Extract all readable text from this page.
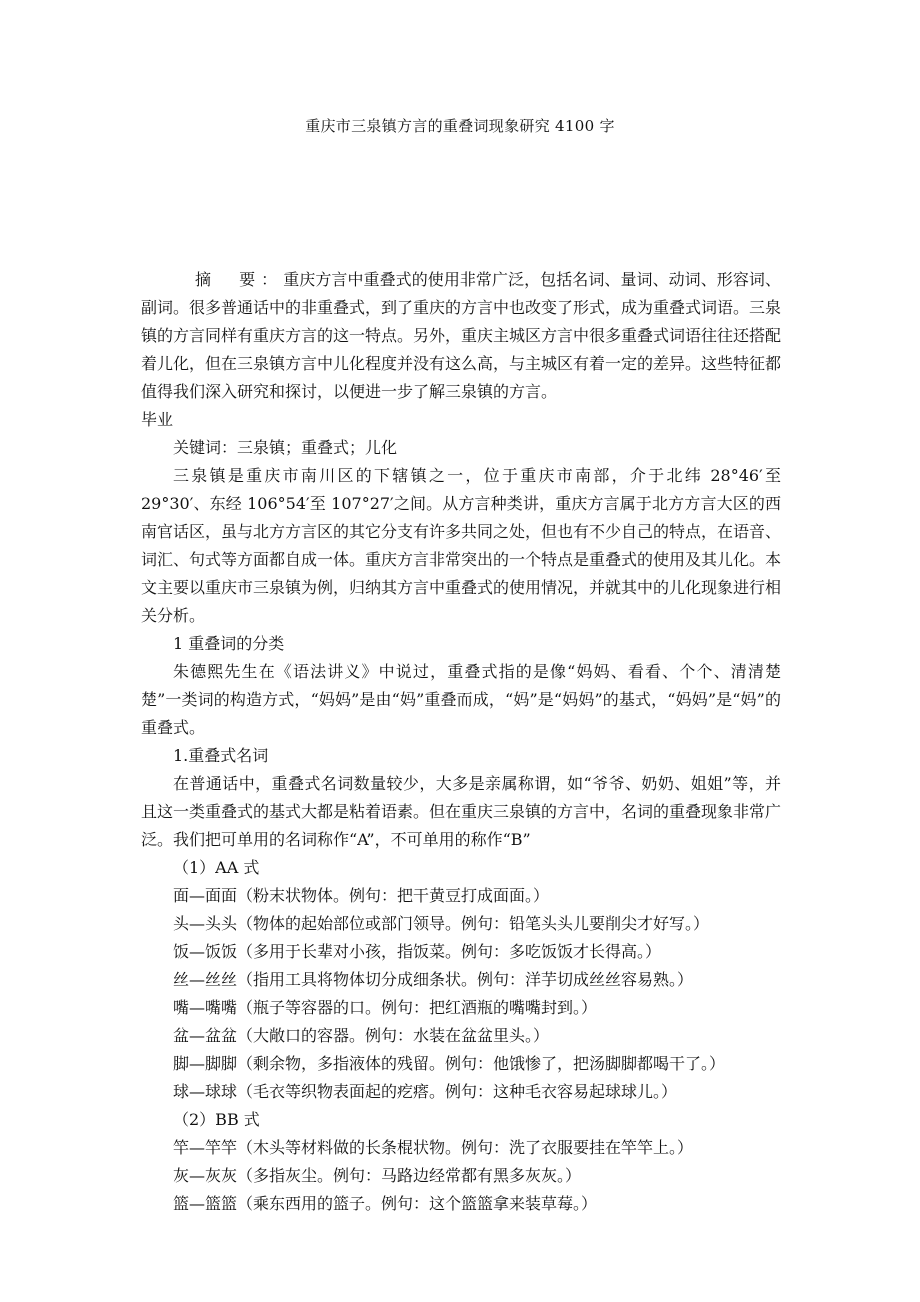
重庆市三泉镇方言的重叠词现象研究 4100 字

摘　要：重庆方言中重叠式的使用非常广泛，包括名词、量词、动词、形容词、副词。很多普通话中的非重叠式，到了重庆的方言中也改变了形式，成为重叠式词语。三泉镇的方言同样有重庆方言的这一特点。另外，重庆主城区方言中很多重叠式词语往往还搭配着儿化，但在三泉镇方言中儿化程度并没有这么高，与主城区有着一定的差异。这些特征都值得我们深入研究和探讨，以便进一步了解三泉镇的方言。

毕业

关键词：三泉镇；重叠式；儿化

三泉镇是重庆市南川区的下辖镇之一，位于重庆市南部，介于北纬 28°46′至 29°30′、东经 106°54′至 107°27′之间。从方言种类讲，重庆方言属于北方方言大区的西南官话区，虽与北方方言区的其它分支有许多共同之处，但也有不少自己的特点，在语音、词汇、句式等方面都自成一体。重庆方言非常突出的一个特点是重叠式的使用及其儿化。本文主要以重庆市三泉镇为例，归纳其方言中重叠式的使用情况，并就其中的儿化现象进行相关分析。

1 重叠词的分类

朱德熙先生在《语法讲义》中说过，重叠式指的是像“妈妈、看看、个个、清清楚楚”一类词的构造方式，“妈妈”是由“妈”重叠而成，“妈”是“妈妈”的基式，“妈妈”是“妈”的重叠式。

1.重叠式名词

在普通话中，重叠式名词数量较少，大多是亲属称谓，如“爷爷、奶奶、姐姐”等，并且这一类重叠式的基式大都是粘着语素。但在重庆三泉镇的方言中，名词的重叠现象非常广泛。我们把可单用的名词称作“A”，不可单用的称作“B”

（1）AA 式

面—面面（粉末状物体。例句：把干黄豆打成面面。）

头—头头（物体的起始部位或部门领导。例句：铅笔头头儿要削尖才好写。）

饭—饭饭（多用于长辈对小孩，指饭菜。例句：多吃饭饭才长得高。）

丝—丝丝（指用工具将物体切分成细条状。例句：洋芋切成丝丝容易熟。）

嘴—嘴嘴（瓶子等容器的口。例句：把红酒瓶的嘴嘴封到。）

盆—盆盆（大敞口的容器。例句：水装在盆盆里头。）

脚—脚脚（剩余物，多指液体的残留。例句：他饿惨了，把汤脚脚都喝干了。）

球—球球（毛衣等织物表面起的疙瘩。例句：这种毛衣容易起球球儿。）

（2）BB 式

竿—竿竿（木头等材料做的长条棍状物。例句：洗了衣服要挂在竿竿上。）

灰—灰灰（多指灰尘。例句：马路边经常都有黑多灰灰。）

篮—篮篮（乘东西用的篮子。例句：这个篮篮拿来装草莓。）
